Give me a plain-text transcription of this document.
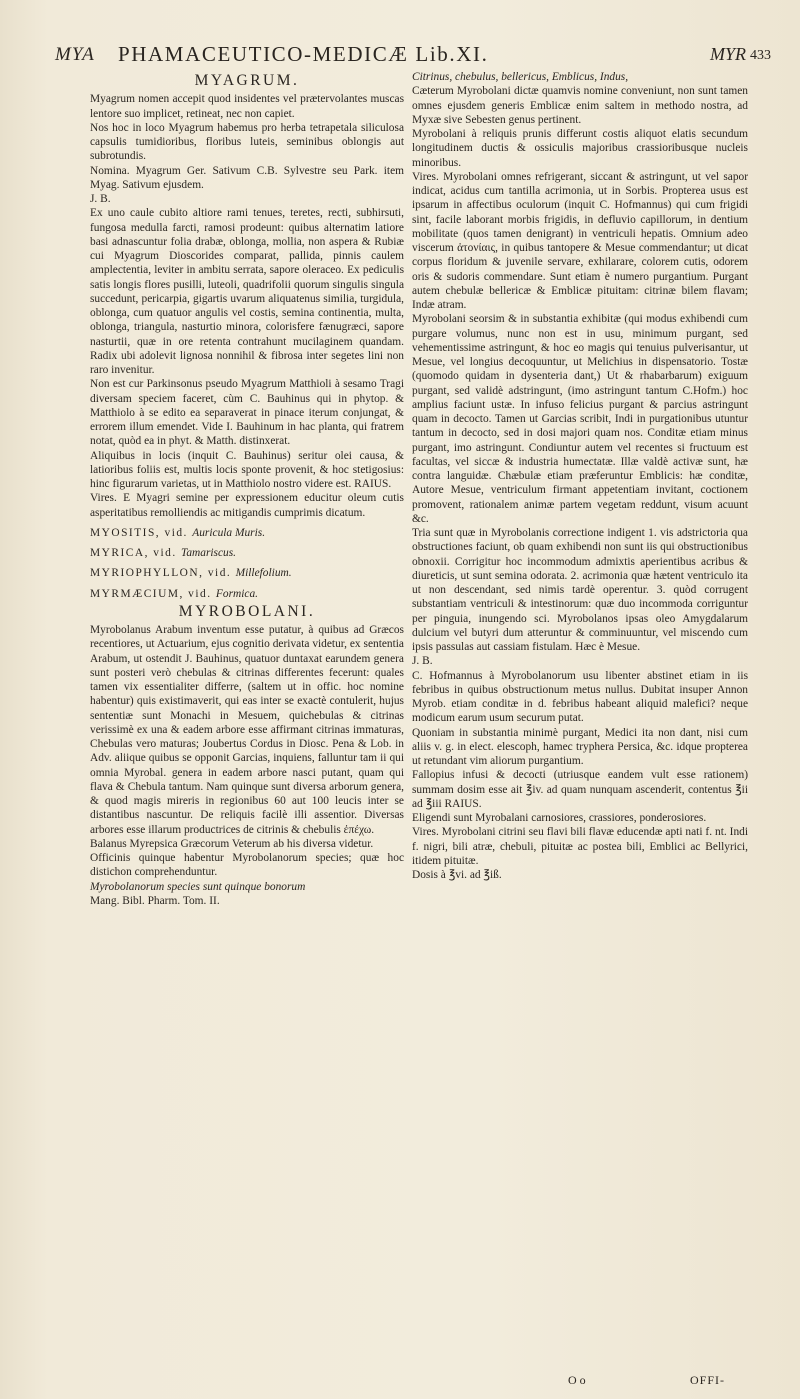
MYA PHAMACEUTICO-MEDICÆ Lib.XI.	MYR 433
MYAGRUM.

Myagrum nomen accepit quod insidentes vel prætervolantes muscas lentore suo implicet, retineat, nec non capiet.

Nos hoc in loco Myagrum habemus pro herba tetrapetala siliculosa capsulis tumidioribus, floribus luteis, seminibus oblongis aut subrotundis.

Nomina. Myagrum Ger. Sativum C.B. Sylvestre seu Park. item Myag. Sativum ejusdem.

J. B.

Ex uno caule cubito altiore rami tenues, teretes, recti, subhirsuti, fungosa medulla farcti, ramosi prodeunt: quibus alternatim latiore basi adnascuntur folia drabæ, oblonga, mollia, non aspera & Rubiæ cui Myagrum Dioscorides comparat, pallida, pinnis caulem amplectentia, leviter in ambitu serrata, sapore oleraceo. Ex pediculis satis longis flores pusilli, luteoli, quadrifolii quorum singulis singula succedunt, pericarpia, gigartis uvarum aliquatenus similia, turgidula, oblonga, cum quatuor angulis vel costis, semina continentia, multa, oblonga, triangula, nasturtio minora, colorisfere fænugræci, sapore nasturtii, quæ in ore retenta contrahunt mucilaginem quandam. Radix ubi adolevit lignosa nonnihil & fibrosa inter segetes lini non raro invenitur.

Non est cur Parkinsonus pseudo Myagrum Matthioli à sesamo Tragi diversam speciem faceret, cùm C. Bauhinus qui in phytop. & Matthiolo à se edito ea separaverat in pinace iterum conjungat, & errorem illum emendet. Vide I. Bauhinum in hac planta, qui fratrem notat, quòd ea in phyt. & Matth. distinxerat.

Aliquibus in locis (inquit C. Bauhinus) seritur olei causa, & latioribus foliis est, multis locis sponte provenit, & hoc stetigosius: hinc figurarum varietas, ut in Matthiolo nostro videre est. RAIUS.

Vires. E Myagri semine per expressionem educitur oleum cutis asperitatibus remolliendis ac mitigandis cumprimis dicatum.

MYOSITIS, vid. Auricula Muris.
MYRICA, vid. Tamariscus.
MYRIOPHYLLON, vid. Millefolium.
MYRMÆCIUM, vid. Formica.
MYROBOLANI.

Myrobolanus Arabum inventum esse putatur, à quibus ad Græcos recentiores, ut Actuarium, ejus cognitio derivata videtur, ex sententia Arabum, ut ostendit J. Bauhinus, quatuor duntaxat earundem genera sunt posteri verò chebulas & citrinas differentes fecerunt: quales tamen vix essentialiter differre, (saltem ut in offic. hoc nomine habentur) quis existimaverit, qui eas inter se exactè contulerit, hujus sententiæ sunt Monachi in Mesuem, quichebulas & citrinas verissimè ex una & eadem arbore esse affirmant citrinas immaturas, Chebulas vero maturas; Joubertus Cordus in Diosc. Pena & Lob. in Adv. aliique quibus se opponit Garcias, inquiens, falluntur tam ii qui omnia Myrobal. genera in eadem arbore nasci putant, quam qui flava & Chebula tantum. Nam quinque sunt diversa arborum genera, & quod magis mireris in regionibus 60 aut 100 leucis inter se distantibus nascuntur. De reliquis facilè illi assentior. Diversas arbores esse illarum productrices de citrinis & chebulis ἐπέχω.

Balanus Myrepsica Græcorum Veterum ab his diversa videtur.

Officinis quinque habentur Myrobolanorum species; quæ hoc distichon comprehenduntur.

Myrobolanorum species sunt quinque bonorum

Mang. Bibl. Pharm. Tom. II.

Citrinus, chebulus, bellericus, Emblicus, Indus,

Cæterum Myrobolani dictæ quamvis nomine conveniunt, non sunt tamen omnes ejusdem generis Emblicæ enim saltem in methodo nostra, ad Myxæ sive Sebesten genus pertinent.

Myrobolani à reliquis prunis differunt costis aliquot elatis secundum longitudinem ductis & ossiculis majoribus crassioribusque nucleis minoribus.

Vires. Myrobolani omnes refrigerant, siccant & astringunt, ut vel sapor indicat, acidus cum tantilla acrimonia, ut in Sorbis. Propterea usus est ipsarum in affectibus oculorum (inquit C. Hofmannus) qui cum frigidi sint, facile laborant morbis frigidis, in defluvio capillorum, in dentium mobilitate (quos tamen denigrant) in ventriculi hepatis. Omnium adeo viscerum ἀτονίαις, in quibus tantopere & Mesue commendantur; ut dicat corpus floridum & juvenile servare, exhilarare, colorem cutis, odorem oris & sudoris commendare. Sunt etiam è numero purgantium. Purgant autem chebulæ bellericæ & Emblicæ pituitam: citrinæ bilem flavam; Indæ atram.

Myrobolani seorsim & in substantia exhibitæ (qui modus exhibendi cum purgare volumus, nunc non est in usu, minimum purgant, sed vehementissime astringunt, & hoc eo magis qui tenuius pulverisantur, ut Mesue, vel longius decoquuntur, ut Melichius in dispensatorio. Tostæ (quomodo quidam in dysenteria dant,) Ut & rhabarbarum) exiguum purgant, sed validè adstringunt, (imo astringunt tantum C.Hofm.) hoc amplius faciunt ustæ. In infuso felicius purgant & parcius astringunt quam in decocto. Tamen ut Garcias scribit, Indi in purgationibus utuntur tantum in decocto, sed in dosi majori quam nos. Conditæ etiam minus purgant, imo astringunt. Condiuntur autem vel recentes si fructuum est facultas, vel siccæ & industria humectatæ. Illæ valdè activæ sunt, hæ contra languidæ. Chæbulæ etiam præferuntur Emblicis: hæ conditæ, Autore Mesue, ventriculum firmant appetentiam invitant, coctionem promovent, rationalem animæ partem vegetam reddunt, visum acuunt &c.

Tria sunt quæ in Myrobolanis correctione indigent 1. vis adstrictoria qua obstructiones faciunt, ob quam exhibendi non sunt iis qui obstructionibus obnoxii. Corrigitur hoc incommodum admixtis aperientibus acribus & diureticis, ut sunt semina odorata. 2. acrimonia quæ hætent ventriculo ita ut non descendant, sed nimis tardè operentur. 3. quòd corrugent substantiam ventriculi & intestinorum: quæ duo incommoda corriguntur per pinguia, inungendo sci. Myrobolanos ipsas oleo Amygdalarum dulcium vel butyri dum atteruntur & comminuuntur, vel miscendo cum ipsis passulas aut cassiam fistulam. Hæc è Mesue.

J. B.

C. Hofmannus à Myrobolanorum usu libenter abstinet etiam in iis febribus in quibus obstructionum metus nullus. Dubitat insuper Annon Myrob. etiam conditæ in d. febribus habeant aliquid malefici? neque modicum earum usum securum putat.

Quoniam in substantia minimè purgant, Medici ita non dant, nisi cum aliis v. g. in elect. elescoph, hamec tryphera Persica, &c. idque propterea ut retundant vim aliorum purgantium.

Fallopius infusi & decocti (utriusque eandem vult esse rationem) summam dosim esse ait ℥iv. ad quam nunquam ascenderit, contentus ℥ii ad ℥iii RAIUS.

Eligendi sunt Myrobalani carnosiores, crassiores, ponderosiores.

Vires. Myrobolani citrini seu flavi bili flavæ educendæ apti nati f. nt. Indi f. nigri, bili atræ, chebuli, pituitæ ac postea bili, Emblici ac Bellyrici, itidem pituitæ.

Dosis à ℥vi. ad ℥iß.

O o	OFFI-
